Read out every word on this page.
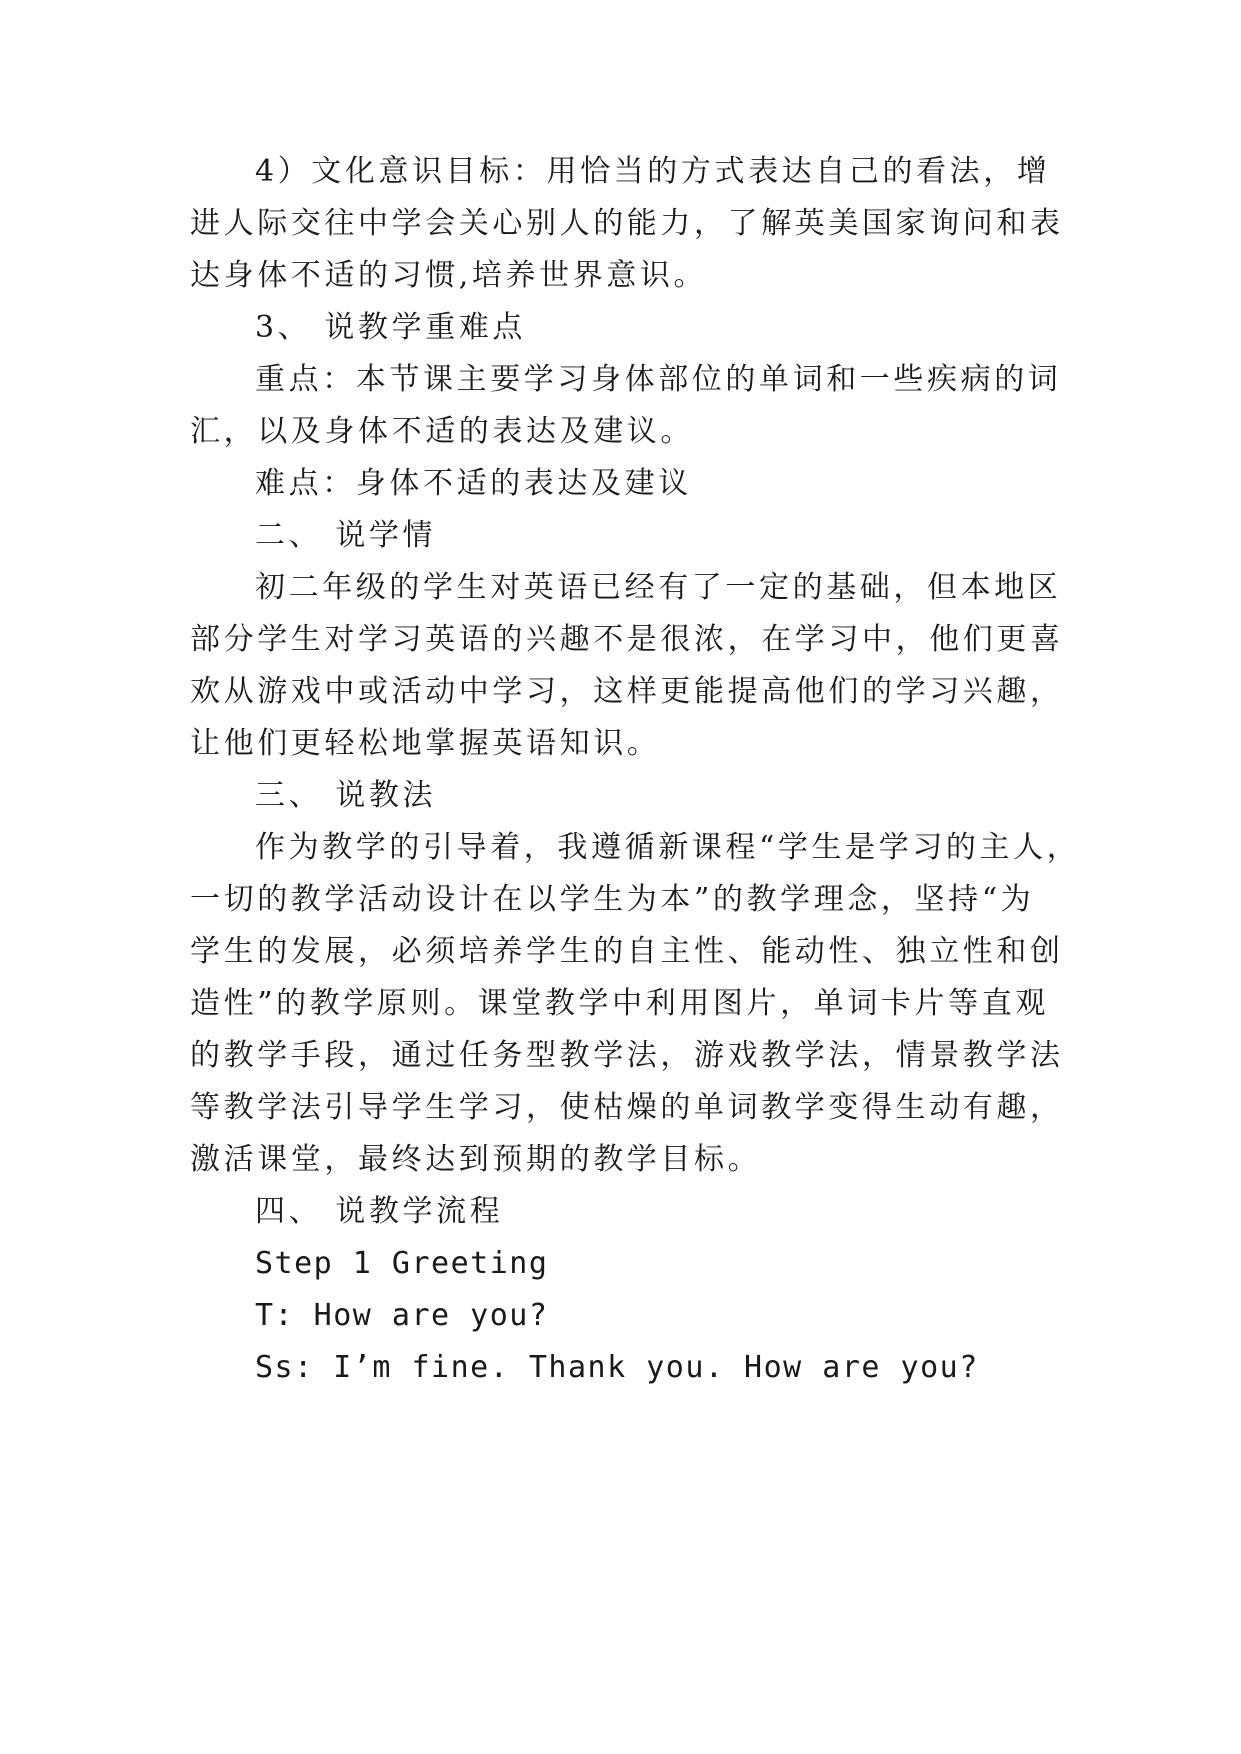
4）文化意识目标：用恰当的方式表达自己的看法，增
进人际交往中学会关心别人的能力，了解英美国家询问和表
达身体不适的习惯,培养世界意识。
3、 说教学重难点
重点：本节课主要学习身体部位的单词和一些疾病的词
汇，以及身体不适的表达及建议。
难点：身体不适的表达及建议
二、 说学情
初二年级的学生对英语已经有了一定的基础，但本地区
部分学生对学习英语的兴趣不是很浓，在学习中，他们更喜
欢从游戏中或活动中学习，这样更能提高他们的学习兴趣，
让他们更轻松地掌握英语知识。
三、 说教法
作为教学的引导着，我遵循新课程“学生是学习的主人，
一切的教学活动设计在以学生为本”的教学理念，坚持“为
学生的发展，必须培养学生的自主性、能动性、独立性和创
造性”的教学原则。课堂教学中利用图片，单词卡片等直观
的教学手段，通过任务型教学法，游戏教学法，情景教学法
等教学法引导学生学习，使枯燥的单词教学变得生动有趣，
激活课堂，最终达到预期的教学目标。
四、 说教学流程
Step 1 Greeting
T: How are you?
Ss: I’m fine. Thank you. How are you?
